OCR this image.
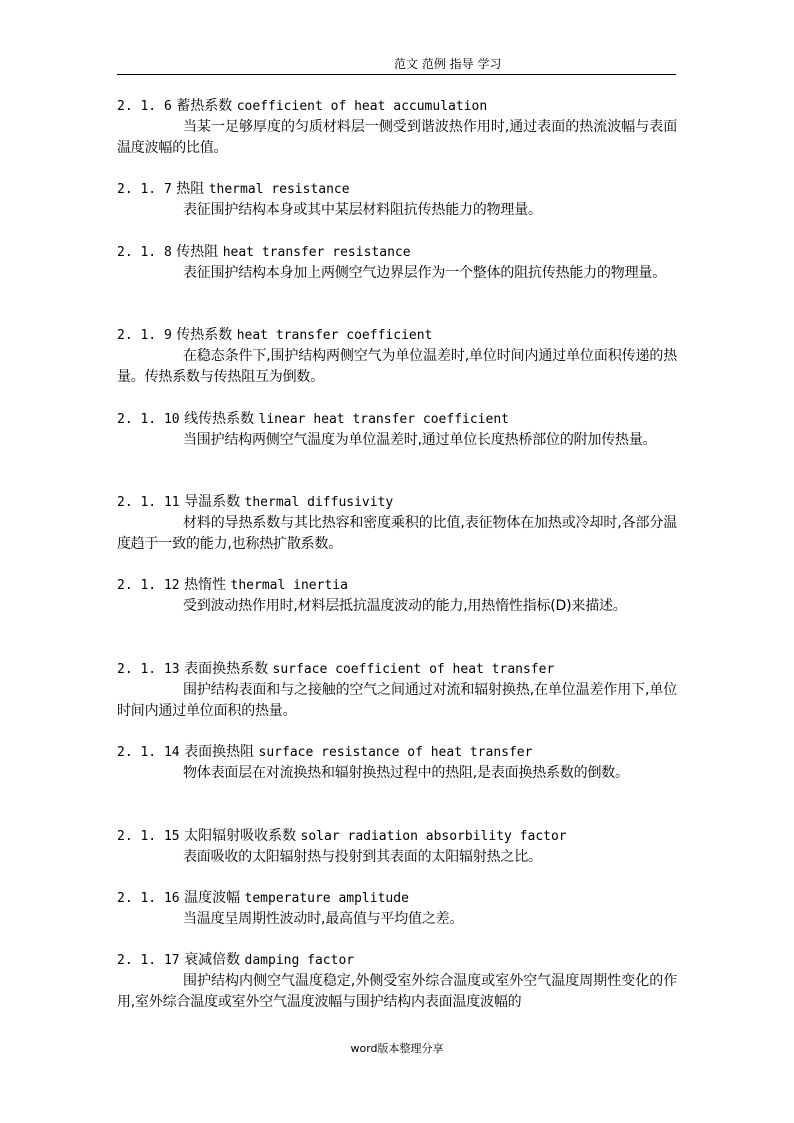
范文 范例 指导 学习
2. 1. 6 蓄热系数 coefficient of heat accumulation
当某一足够厚度的匀质材料层一侧受到谐波热作用时,通过表面的热流波幅与表面温度波幅的比值。
2. 1. 7 热阻 thermal resistance
表征围护结构本身或其中某层材料阻抗传热能力的物理量。
2. 1. 8 传热阻 heat transfer resistance
表征围护结构本身加上两侧空气边界层作为一个整体的阻抗传热能力的物理量。
2. 1. 9 传热系数 heat transfer coefficient
在稳态条件下,围护结构两侧空气为单位温差时,单位时间内通过单位面积传递的热量。传热系数与传热阻互为倒数。
2. 1. 10 线传热系数 linear heat transfer coefficient
当围护结构两侧空气温度为单位温差时,通过单位长度热桥部位的附加传热量。
2. 1. 11 导温系数 thermal diffusivity
材料的导热系数与其比热容和密度乘积的比值,表征物体在加热或冷却时,各部分温度趋于一致的能力,也称热扩散系数。
2. 1. 12 热惰性 thermal inertia
受到波动热作用时,材料层抵抗温度波动的能力,用热惰性指标(D)来描述。
2. 1. 13 表面换热系数 surface coefficient of heat transfer
围护结构表面和与之接触的空气之间通过对流和辐射换热,在单位温差作用下,单位时间内通过单位面积的热量。
2. 1. 14 表面换热阻 surface resistance of heat transfer
物体表面层在对流换热和辐射换热过程中的热阻,是表面换热系数的倒数。
2. 1. 15 太阳辐射吸收系数 solar radiation absorbility factor
表面吸收的太阳辐射热与投射到其表面的太阳辐射热之比。
2. 1. 16 温度波幅 temperature amplitude
当温度呈周期性波动时,最高值与平均值之差。
2. 1. 17 衰减倍数 damping factor
围护结构内侧空气温度稳定,外侧受室外综合温度或室外空气温度周期性变化的作用,室外综合温度或室外空气温度波幅与围护结构内表面温度波幅的
word版本整理分享
